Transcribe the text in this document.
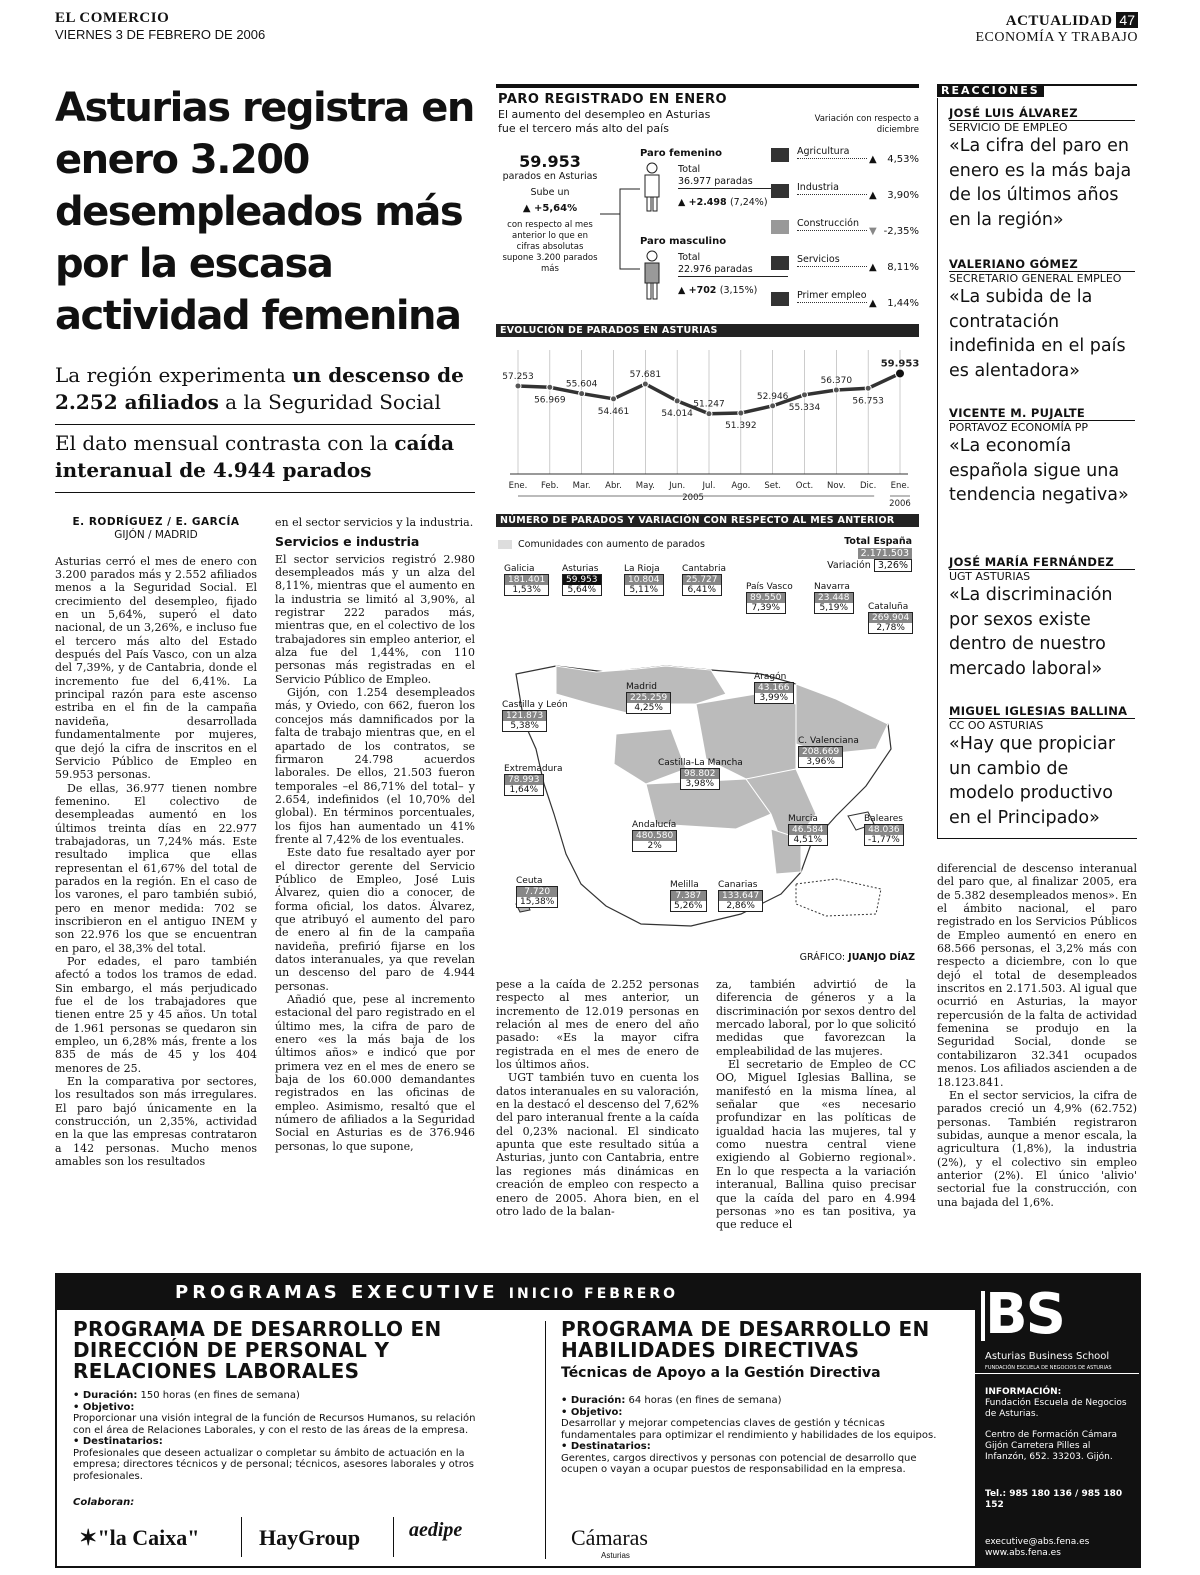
EL COMERCIO
VIERNES 3 DE FEBRERO DE 2006
ACTUALIDAD 47
ECONOMÍA Y TRABAJO
Asturias registra en enero 3.200 desempleados más por la escasa actividad femenina
La región experimenta un descenso de 2.252 afiliados a la Seguridad Social
El dato mensual contrasta con la caída interanual de 4.944 parados
E. RODRÍGUEZ / E. GARCÍA
GIJÓN / MADRID

Asturias cerró el mes de enero con 3.200 parados más y 2.552 afiliados menos a la Seguridad Social. El crecimiento del desempleo, fijado en un 5,64%, superó el dato nacional, de un 3,26%, e incluso fue el tercero más alto del Estado después del País Vasco, con un alza del 7,39%, y de Cantabria, donde el incremento fue del 6,41%. La principal razón para este ascenso estriba en el fin de la campaña navideña, desarrollada fundamentalmente por mujeres, que dejó la cifra de inscritos en el Servicio Público de Empleo en 59.953 personas.

De ellas, 36.977 tienen nombre femenino. El colectivo de desempleadas aumentó en los últimos treinta días en 22.977 trabajadoras, un 7,24% más. Este resultado implica que ellas representan el 61,67% del total de parados en la región. En el caso de los varones, el paro también subió, pero en menor medida: 702 se inscribieron en el antiguo INEM y son 22.976 los que se encuentran en paro, el 38,3% del total.

Por edades, el paro también afectó a todos los tramos de edad. Sin embargo, el más perjudicado fue el de los trabajadores que tienen entre 25 y 45 años. Un total de 1.961 personas se quedaron sin empleo, un 6,28% más, frente a los 835 de más de 45 y los 404 menores de 25.

En la comparativa por sectores, los resultados son más irregulares. El paro bajó únicamente en la construcción, un 2,35%, actividad en la que las empresas contrataron a 142 personas. Mucho menos amables son los resultados

en el sector servicios y la industria.

Servicios e industria

El sector servicios registró 2.980 desempleados más y un alza del 8,11%, mientras que el aumento en la industria se limitó al 3,90%, al registrar 222 parados más, mientras que, en el colectivo de los trabajadores sin empleo anterior, el alza fue del 1,44%, con 110 personas más registradas en el Servicio Público de Empleo.

Gijón, con 1.254 desempleados más, y Oviedo, con 662, fueron los concejos más damnificados por la falta de trabajo mientras que, en el apartado de los contratos, se firmaron 24.798 acuerdos laborales. De ellos, 21.503 fueron temporales –el 86,71% del total– y 2.654, indefinidos (el 10,70% del global). En términos porcentuales, los fijos han aumentado un 41% frente al 7,42% de los eventuales.

Este dato fue resaltado ayer por el director gerente del Servicio Público de Empleo, José Luis Álvarez, quien dio a conocer, de forma oficial, los datos. Álvarez, que atribuyó el aumento del paro de enero al fin de la campaña navideña, prefirió fijarse en los datos interanuales, ya que revelan un descenso del paro de 4.944 personas.

Añadió que, pese al incremento estacional del paro registrado en el último mes, la cifra de paro de enero «es la más baja de los últimos años» e indicó que por primera vez en el mes de enero se baja de los 60.000 demandantes registrados en las oficinas de empleo. Asimismo, resaltó que el número de afiliados a la Seguridad Social en Asturias es de 376.946 personas, lo que supone,

pese a la caída de 2.252 personas respecto al mes anterior, un incremento de 12.019 personas en relación al mes de enero del año pasado: «Es la mayor cifra registrada en el mes de enero de los últimos años.

UGT también tuvo en cuenta los datos interanuales en su valoración, en la destacó el descenso del 7,62% del paro interanual frente a la caída del 0,23% nacional. El sindicato apunta que este resultado sitúa a Asturias, junto con Cantabria, entre las regiones más dinámicas en creación de empleo con respecto a enero de 2005. Ahora bien, en el otro lado de la balan-

za, también advirtió de la diferencia de géneros y a la discriminación por sexos dentro del mercado laboral, por lo que solicitó medidas que favorezcan la empleabilidad de las mujeres.

El secretario de Empleo de CC OO, Miguel Iglesias Ballina, se manifestó en la misma línea, al señalar que «es necesario profundizar en las políticas de igualdad hacia las mujeres, tal y como nuestra central viene exigiendo al Gobierno regional». En lo que respecta a la variación interanual, Ballina quiso precisar que la caída del paro en 4.994 personas »no es tan positiva, ya que reduce el

diferencial de descenso interanual del paro que, al finalizar 2005, era de 5.382 desempleados menos». En el ámbito nacional, el paro registrado en los Servicios Públicos de Empleo aumentó en enero en 68.566 personas, el 3,2% más con respecto a diciembre, con lo que dejó el total de desempleados inscritos en 2.171.503. Al igual que ocurrió en Asturias, la mayor repercusión de la falta de actividad femenina se produjo en la Seguridad Social, donde se contabilizaron 32.341 ocupados menos. Los afiliados ascienden a de 18.123.841.

En el sector servicios, la cifra de parados creció un 4,9% (62.752) personas. También registraron subidas, aunque a menor escala, la agricultura (1,8%), la industria (2%), y el colectivo sin empleo anterior (2%). El único 'alivio' sectorial fue la construcción, con una bajada del 1,6%.

PARO REGISTRADO EN ENERO
El aumento del desempleo en Asturias
fue el tercero más alto del país
59.953
parados en Asturias
Sube un
▲ +5,64%
con respecto al mes anterior lo que en cifras absolutas supone 3.200 parados más
Paro femenino
Total
36.977 paradas
▲ +2.498 (7,24%)
Paro masculino
Total
22.976 paradas
▲ +702 (3,15%)
Variación con respecto a diciembre
Agricultura
▲ 4,53%
Industria
▲ 3,90%
Construcción
▼ -2,35%
Servicios
▲ 8,11%
Primer empleo
▲ 1,44%
EVOLUCIÓN DE PARADOS EN ASTURIAS
57.253
Ene.
56.969
Feb.
55.604
Mar.
54.461
Abr.
57.681
May.
54.014
Jun.
51.247
Jul.
51.392
Ago.
52.946
Set.
55.334
Oct.
56.370
Nov.
56.753
Dic.
59.953
Ene.
2005
2006
NÚMERO DE PARADOS Y VARIACIÓN CON RESPECTO AL MES ANTERIOR
Comunidades con aumento de parados	Total España 2.171.503
Variación 3,26%
Galicia
181.401
1,53%
Asturias
59.953
5,64%
La Rioja
10.804
5,11%
Cantabria
25.727
6,41%	País Vasco
89.550
7,39%
Navarra
23.448
5,19%	Cataluña
269.904
2,78%
Aragón
43.166
3,99%
Madrid
225.259
4,25%
Castilla y León
121.873
5,38%
C. Valenciana
208.669
3,96%
Extremadura
78.993
1,64%
Castilla-La Mancha
98.802
3,98%
Andalucía
480.580
2%
Murcia
46.584
4,51%
Baleares
48.036
-1,77%
Ceuta
7.720
15,38%
Melilla
7.387
5,26%
Canarias
133.647
2,86%
GRÁFICO: JUANJO DÍAZ
REACCIONES
JOSÉ LUIS ÁLVAREZ
SERVICIO DE EMPLEO
«La cifra del paro en enero es la más baja de los últimos años en la región»
VALERIANO GÓMEZ
SECRETARIO GENERAL EMPLEO
«La subida de la contratación indefinida en el país es alentadora»
VICENTE M. PUJALTE
PORTAVOZ ECONOMÍA PP
«La economía española sigue una tendencia negativa»
JOSÉ MARÍA FERNÁNDEZ
UGT ASTURIAS
«La discriminación por sexos existe dentro de nuestro mercado laboral»
MIGUEL IGLESIAS BALLINA
CC OO ASTURIAS
«Hay que propiciar un cambio de modelo productivo en el Principado»
PROGRAMAS EXECUTIVE INICIO FEBRERO
PROGRAMA DE DESARROLLO EN DIRECCIÓN DE PERSONAL Y RELACIONES LABORALES
• Duración: 150 horas (en fines de semana)
• Objetivo:
Proporcionar una visión integral de la función de Recursos Humanos, su relación con el área de Relaciones Laborales, y con el resto de las áreas de la empresa.
• Destinatarios:
Profesionales que deseen actualizar o completar su ámbito de actuación en la empresa; directores técnicos y de personal; técnicos, asesores laborales y otros profesionales.
Colaboran:
✶"la Caixa"	HayGroup aedipe
PROGRAMA DE DESARROLLO EN HABILIDADES DIRECTIVAS
Técnicas de Apoyo a la Gestión Directiva
• Duración: 64 horas (en fines de semana)
• Objetivo:
Desarrollar y mejorar competencias claves de gestión y técnicas fundamentales para optimizar el rendimiento y habilidades de los equipos.
• Destinatarios:
Gerentes, cargos directivos y personas con potencial de desarrollo que ocupen o vayan a ocupar puestos de responsabilidad en la empresa.
Cámaras
Asturias
BS
Asturias Business School
FUNDACIÓN ESCUELA DE NEGOCIOS DE ASTURIAS
INFORMACIÓN:
Fundación Escuela de Negocios de Asturias.
Centro de Formación Cámara Gijón Carretera Pilles al Infanzón, 652. 33203. Gijón.
Tel.: 985 180 136 / 985 180 152
executive@abs.fena.es
www.abs.fena.es
